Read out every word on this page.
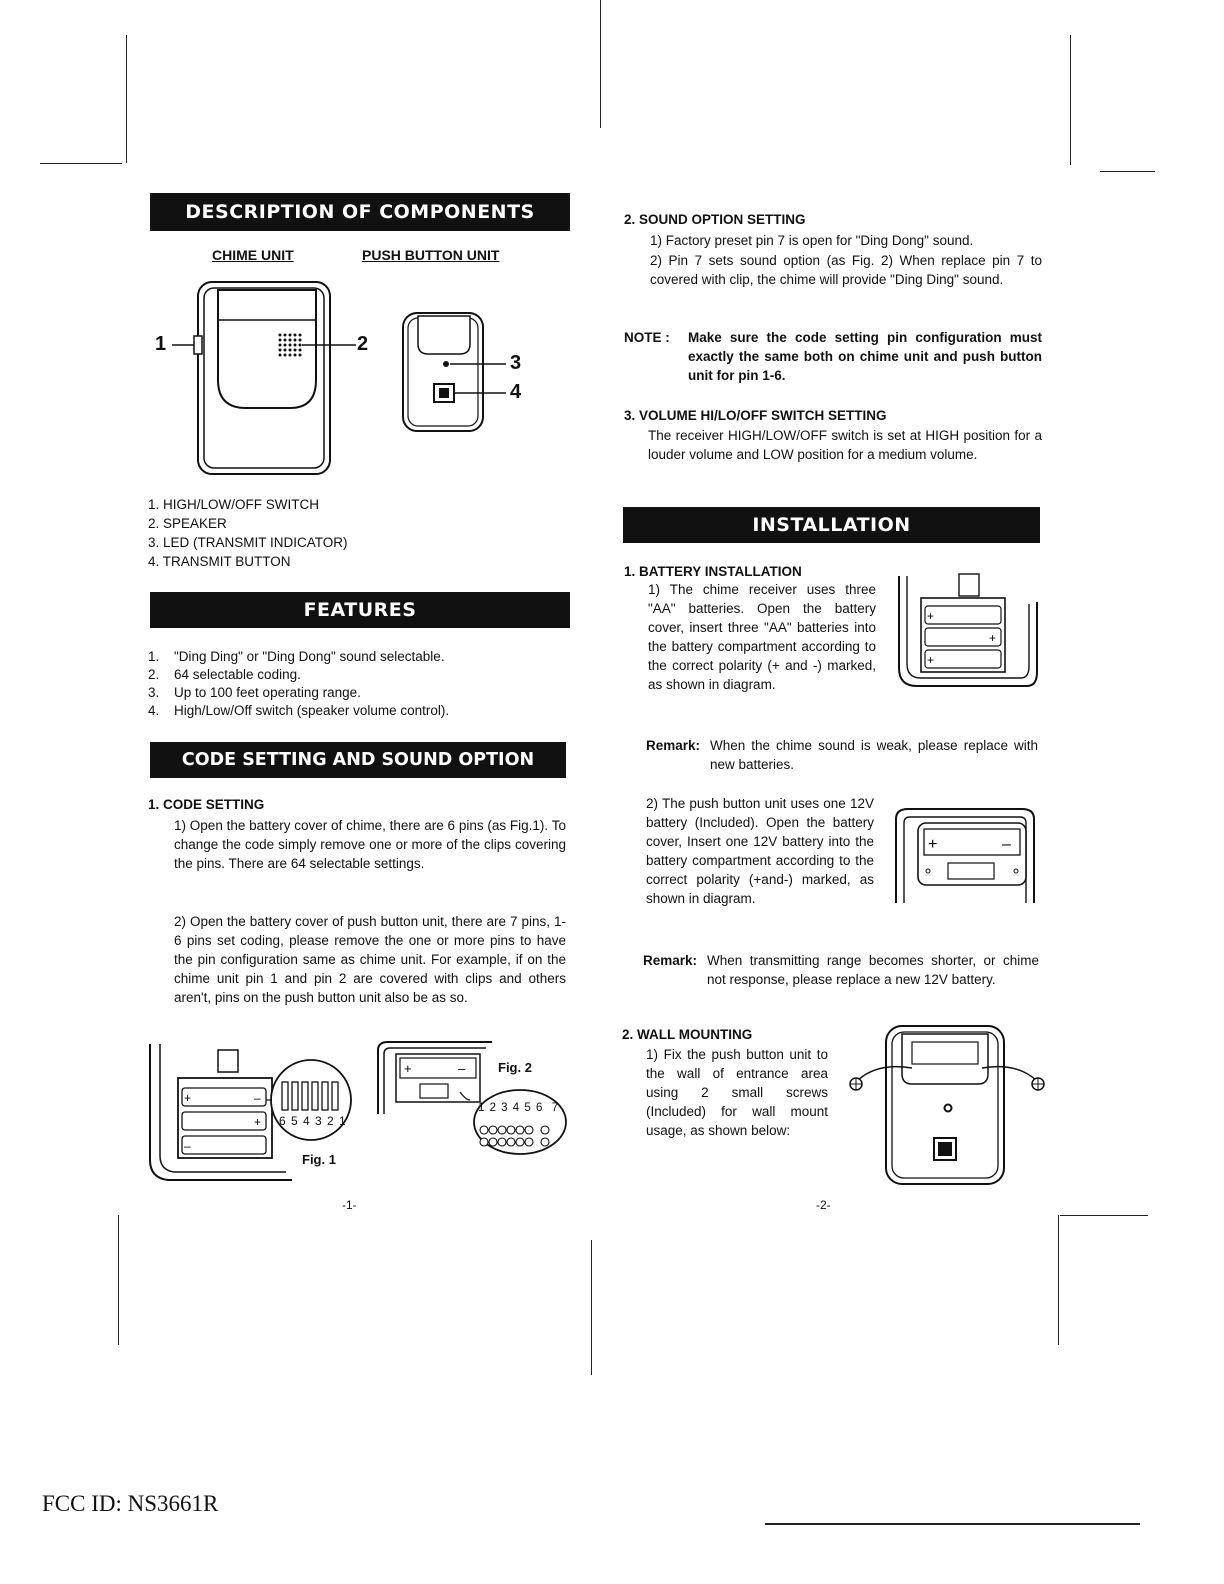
DESCRIPTION OF COMPONENTS
CHIME UNIT	PUSH BUTTON UNIT
1	2
3
4
1. HIGH/LOW/OFF SWITCH
2. SPEAKER
3. LED (TRANSMIT INDICATOR)
4. TRANSMIT BUTTON
FEATURES
1. "Ding Ding" or "Ding Dong" sound selectable.
2. 64 selectable coding.
3. Up to 100 feet operating range.
4. High/Low/Off switch (speaker volume control).
CODE SETTING AND SOUND OPTION SETTING
1. CODE SETTING
1) Open the battery cover of chime, there are 6 pins (as Fig.1). To change the code simply remove one or more of the clips covering the pins. There are 64 selectable settings.
2) Open the battery cover of push button unit, there are 7 pins, 1-6 pins set coding, please remove the one or more pins to have the pin configuration same as chime unit. For example, if on the chime unit pin 1 and pin 2 are covered with clips and others aren't, pins on the push button unit also be as so.
+	–
+
–
6 5 4 3 2 1
Fig. 1
+	–	Fig. 2
1 2 3 4 5 6  7
-1-
2. SOUND OPTION SETTING
1) Factory preset pin 7 is open for "Ding Dong" sound.
2) Pin 7 sets sound option (as Fig. 2) When replace pin 7 to covered with clip, the chime will provide "Ding Ding" sound.
NOTE : Make sure the code setting pin configuration must exactly the same both on chime unit and push button unit for pin 1-6.
3. VOLUME HI/LO/OFF SWITCH SETTING
The receiver HIGH/LOW/OFF switch is set at HIGH position for a louder volume and LOW position for a medium volume.
INSTALLATION
1. BATTERY INSTALLATION
1) The chime receiver uses three "AA" batteries. Open the battery cover, insert three "AA" batteries into the battery compartment according to the correct polarity (+ and -) marked, as shown in diagram.
+
+
+
Remark: When the chime sound is weak, please replace with new batteries.
2) The push button unit uses one 12V battery (Included). Open the battery cover, Insert one 12V battery into the battery compartment according to the correct polarity (+and-) marked, as shown in diagram.
+	–
Remark: When transmitting range becomes shorter, or chime not response, please replace a new 12V battery.
2. WALL MOUNTING
1) Fix the push button unit to the wall of entrance area using 2 small screws (Included) for wall mount usage, as shown below:
-2-
FCC ID: NS3661R
